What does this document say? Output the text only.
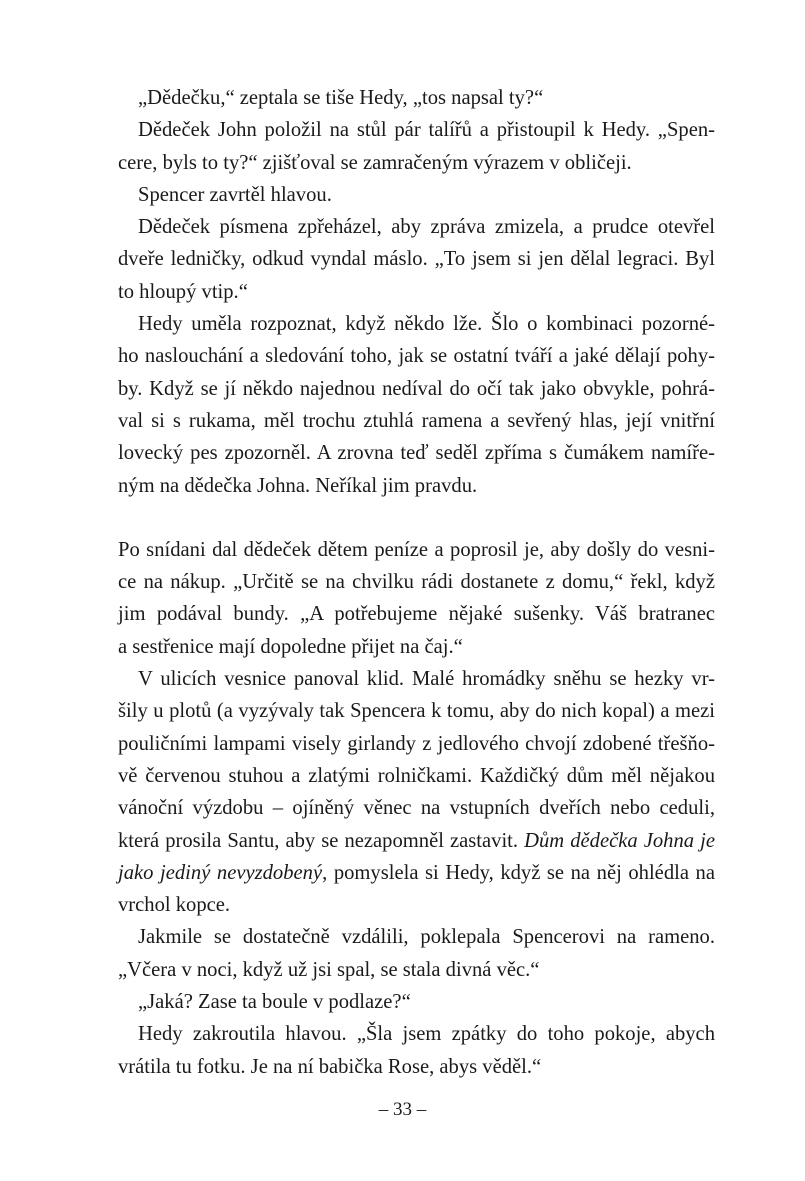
„Dědečku,“ zeptala se tiše Hedy, „tos napsal ty?“

Dědeček John položil na stůl pár talířů a přistoupil k Hedy. „Spen-
cere, byls to ty?“ zjišťoval se zamračeným výrazem v obličeji.

Spencer zavrtěl hlavou.

Dědeček písmena zpřeházel, aby zpráva zmizela, a prudce otevřel
dveře ledničky, odkud vyndal máslo. „To jsem si jen dělal legraci. Byl
to hloupý vtip.“

Hedy uměla rozpoznat, když někdo lže. Šlo o kombinaci pozorné-
ho naslouchání a sledování toho, jak se ostatní tváří a jaké dělají pohy-
by. Když se jí někdo najednou nedíval do očí tak jako obvykle, pohrá-
val si s rukama, měl trochu ztuhlá ramena a sevřený hlas, její vnitřní
lovecký pes zpozorněl. A zrovna teď seděl zpříma s čumákem namíře-
ným na dědečka Johna. Neříkal jim pravdu.

Po snídani dal dědeček dětem peníze a poprosil je, aby došly do vesni-
ce na nákup. „Určitě se na chvilku rádi dostanete z domu,“ řekl, když
jim podával bundy. „A potřebujeme nějaké sušenky. Váš bratranec
a sestřenice mají dopoledne přijet na čaj.“

V ulicích vesnice panoval klid. Malé hromádky sněhu se hezky vr-
šily u plotů (a vyzývaly tak Spencera k tomu, aby do nich kopal) a mezi
pouličními lampami visely girlandy z jedlového chvojí zdobené třešňo-
vě červenou stuhou a zlatými rolničkami. Každičký dům měl nějakou
vánoční výzdobu – ojíněný věnec na vstupních dveřích nebo ceduli,
která prosila Santu, aby se nezapomněl zastavit. Dům dědečka Johna je
jako jediný nevyzdobený, pomyslela si Hedy, když se na něj ohlédla na
vrchol kopce.

Jakmile se dostatečně vzdálili, poklepala Spencerovi na rameno.
„Včera v noci, když už jsi spal, se stala divná věc.“

„Jaká? Zase ta boule v podlaze?“

Hedy zakroutila hlavou. „Šla jsem zpátky do toho pokoje, abych
vrátila tu fotku. Je na ní babička Rose, abys věděl.“

– 33 –
